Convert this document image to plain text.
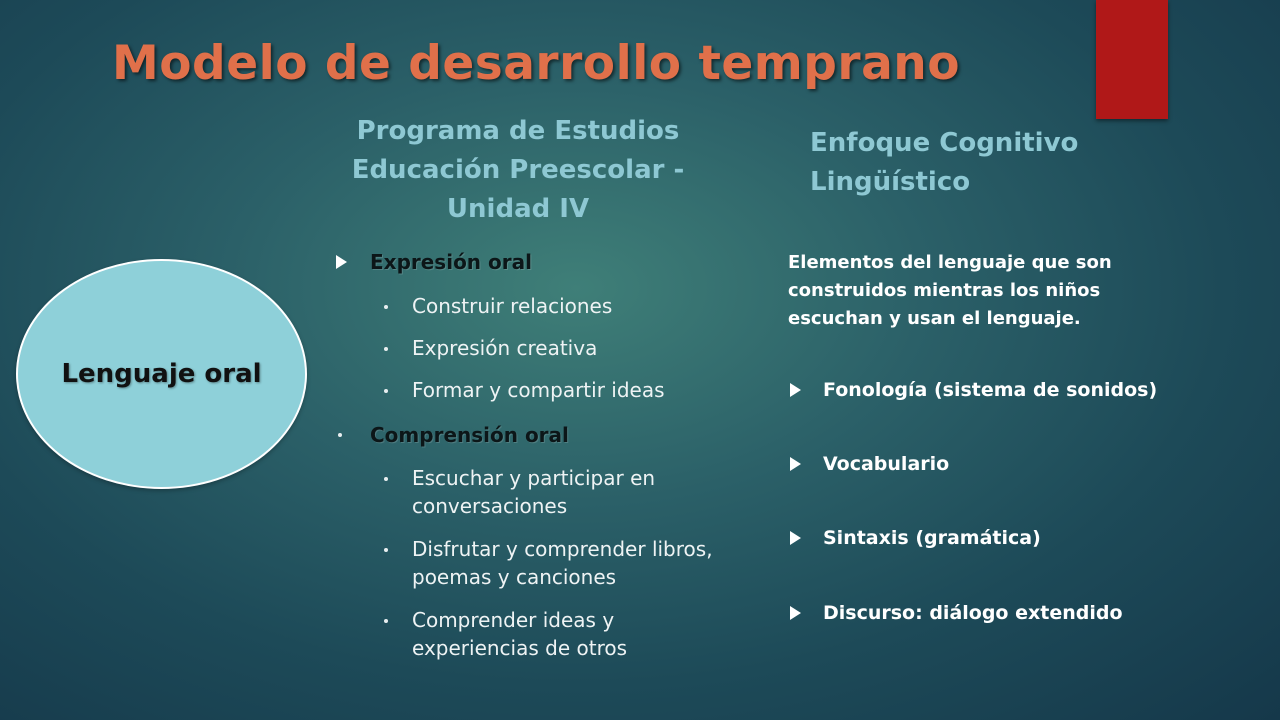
Modelo de desarrollo temprano
Programa de Estudios Educación Preescolar - Unidad IV
Enfoque Cognitivo Lingüístico
Lenguaje oral
Expresión oral
Construir relaciones
Expresión creativa
Formar y compartir ideas
Comprensión oral
Escuchar y participar en conversaciones
Disfrutar y comprender libros, poemas y canciones
Comprender ideas y experiencias de otros
Elementos del lenguaje que son construidos mientras los niños escuchan y usan el lenguaje.
Fonología (sistema de sonidos)
Vocabulario
Sintaxis (gramática)
Discurso: diálogo extendido
